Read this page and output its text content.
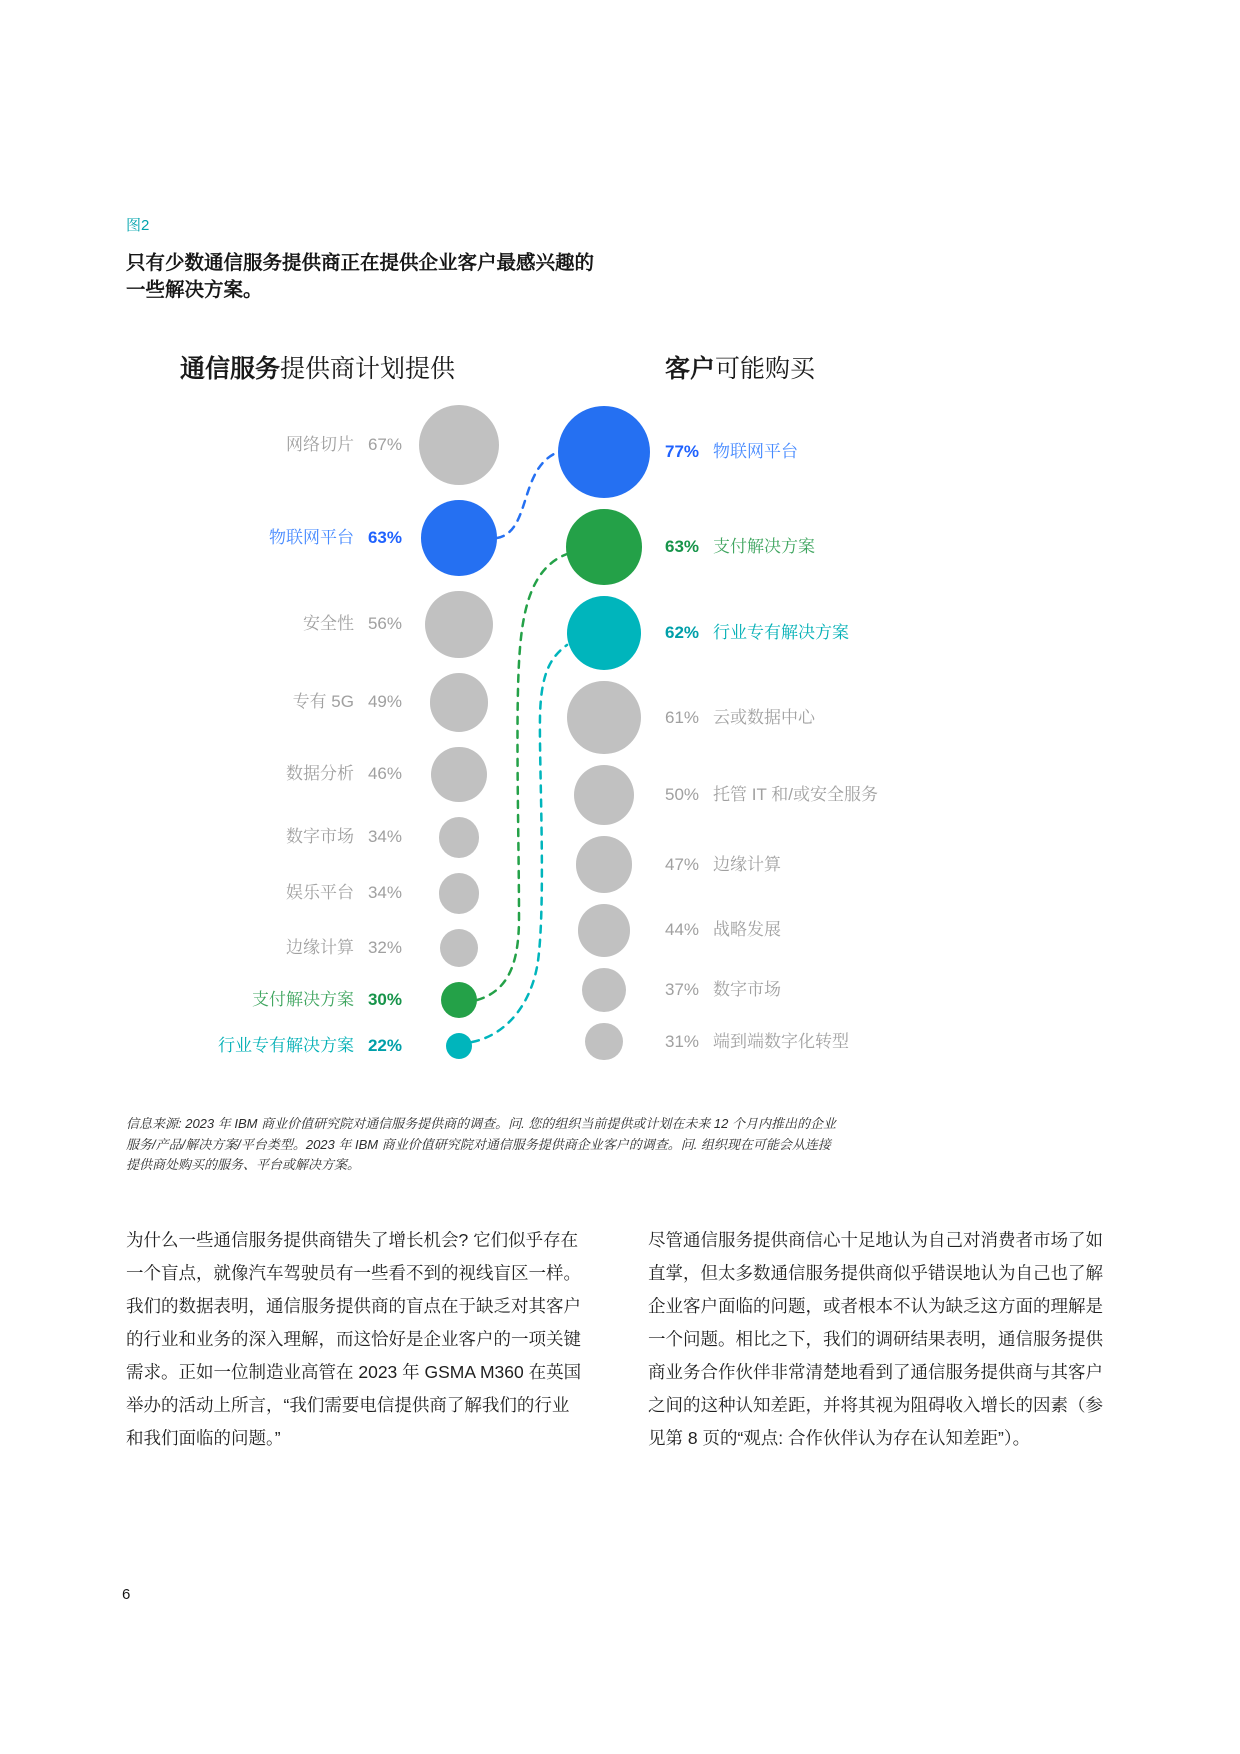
图2
只有少数通信服务提供商正在提供企业客户最感兴趣的
一些解决方案。
通信服务提供商计划提供	客户可能购买
网络切片 67%
物联网平台 63%
安全性 56%
专有 5G 49%
数据分析 46%
数字市场 34%
娱乐平台 34%
边缘计算 32%
支付解决方案 30%
行业专有解决方案 22%
77% 物联网平台
63% 支付解决方案
62% 行业专有解决方案
61% 云或数据中心
50% 托管 IT 和/或安全服务
47% 边缘计算
44% 战略发展
37% 数字市场
31% 端到端数字化转型
信息来源: 2023 年 IBM 商业价值研究院对通信服务提供商的调查。问. 您的组织当前提供或计划在未来 12 个月内推出的企业
服务/产品/解决方案/平台类型。2023 年 IBM 商业价值研究院对通信服务提供商企业客户的调查。问. 组织现在可能会从连接
提供商处购买的服务、平台或解决方案。
为什么一些通信服务提供商错失了增长机会? 它们似乎存在一个盲点，就像汽车驾驶员有一些看不到的视线盲区一样。我们的数据表明，通信服务提供商的盲点在于缺乏对其客户的行业和业务的深入理解，而这恰好是企业客户的一项关键需求。正如一位制造业高管在 2023 年 GSMA M360 在英国举办的活动上所言，“我们需要电信提供商了解我们的行业和我们面临的问题。”
尽管通信服务提供商信心十足地认为自己对消费者市场了如直掌，但太多数通信服务提供商似乎错误地认为自己也了解企业客户面临的问题，或者根本不认为缺乏这方面的理解是一个问题。相比之下，我们的调研结果表明，通信服务提供商业务合作伙伴非常清楚地看到了通信服务提供商与其客户之间的这种认知差距，并将其视为阻碍收入增长的因素（参见第 8 页的“观点: 合作伙伴认为存在认知差距”）。
6
